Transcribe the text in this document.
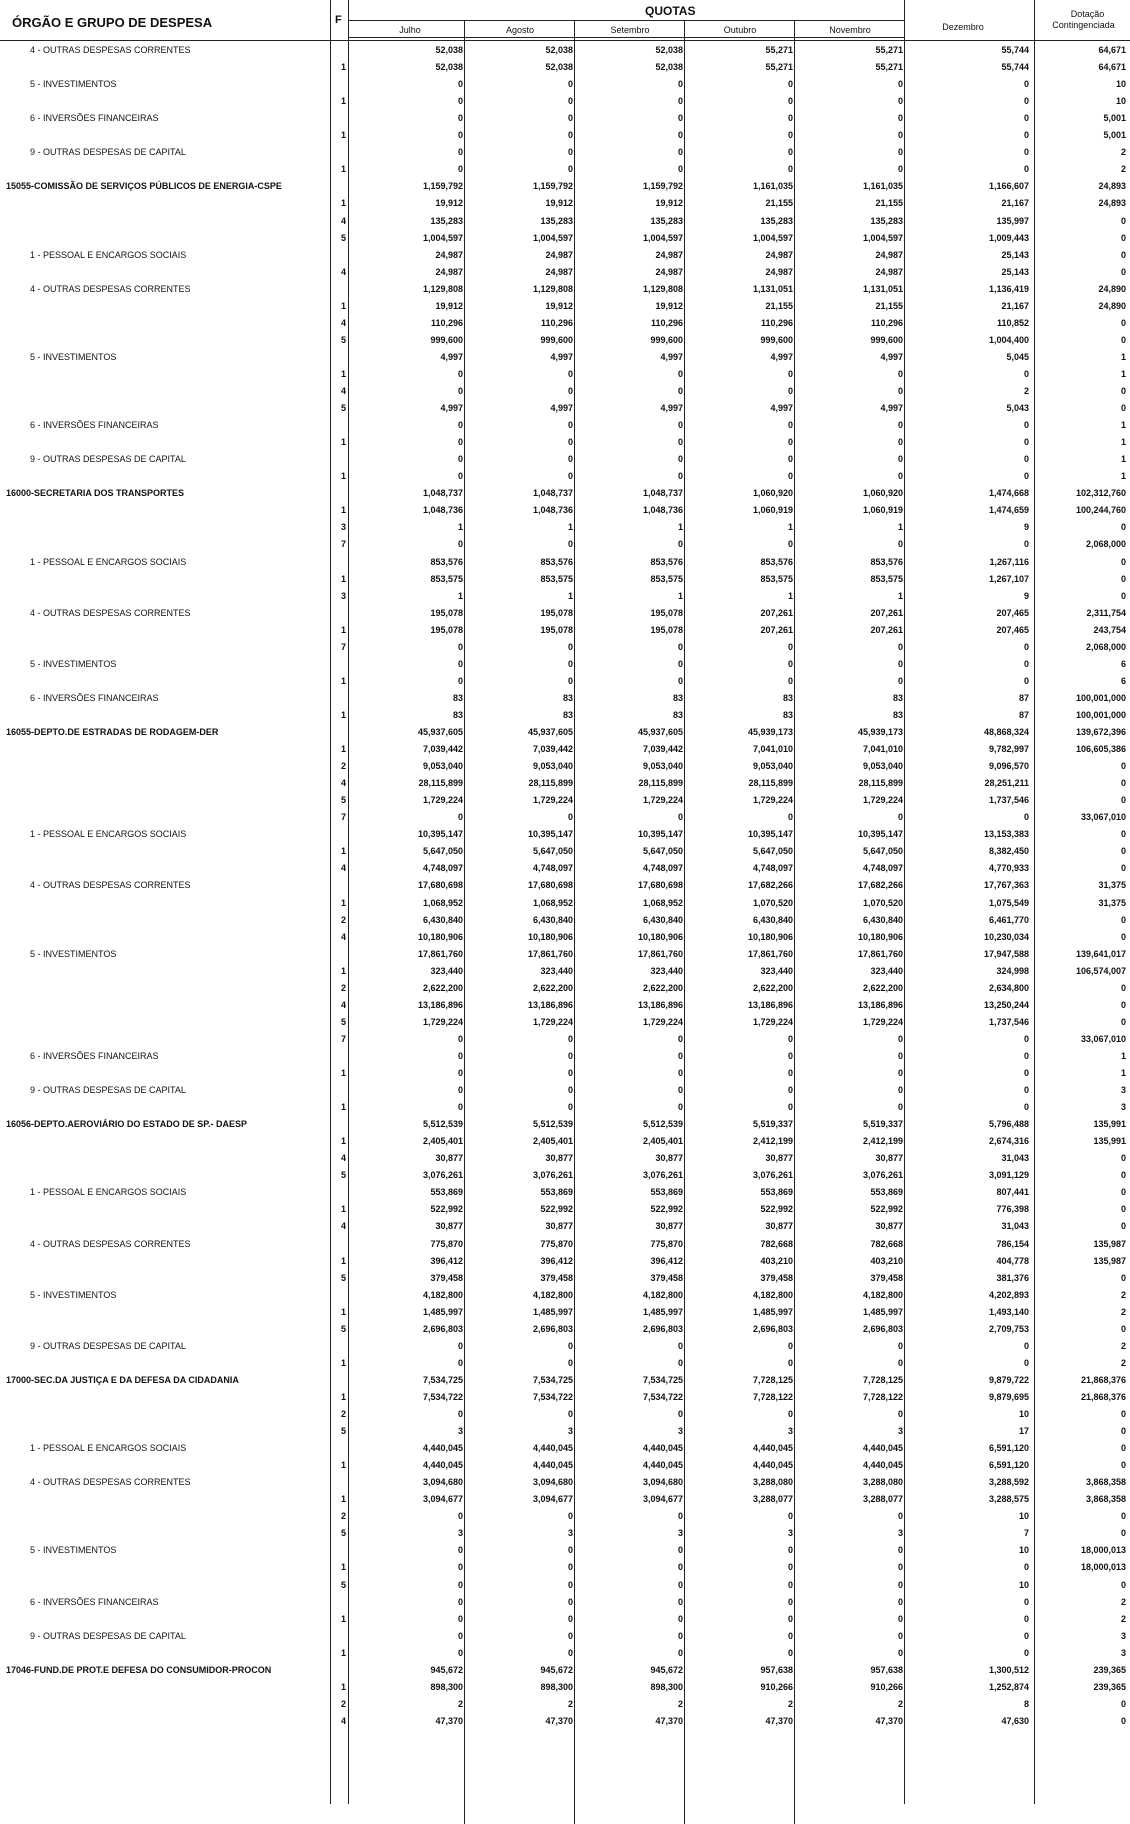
ÓRGÃO E GRUPO DE DESPESA	F
QUOTAS
Julho	Agosto	Setembro	Outubro	Novembro	Dezembro
Dotação
Contingenciada
4 - OUTRAS DESPESAS CORRENTES	52,038	52,038	52,038	55,271	55,271	55,744	64,671
1	52,038	52,038	52,038	55,271	55,271	55,744	64,671
5 - INVESTIMENTOS	0	0	0	0	0	0	10
1	0	0	0	0	0	0	10
6 - INVERSÕES FINANCEIRAS	0	0	0	0	0	0	5,001
1	0	0	0	0	0	0	5,001
9 - OUTRAS DESPESAS DE CAPITAL	0	0	0	0	0	0	2
1	0	0	0	0	0	0	2
15055-COMISSÃO DE SERVIÇOS PÚBLICOS DE ENERGIA-CSPE	1,159,792	1,159,792	1,159,792	1,161,035	1,161,035	1,166,607	24,893
1	19,912	19,912	19,912	21,155	21,155	21,167	24,893
4	135,283	135,283	135,283	135,283	135,283	135,997	0
5	1,004,597	1,004,597	1,004,597	1,004,597	1,004,597	1,009,443	0
1 - PESSOAL E ENCARGOS SOCIAIS	24,987	24,987	24,987	24,987	24,987	25,143	0
4	24,987	24,987	24,987	24,987	24,987	25,143	0
4 - OUTRAS DESPESAS CORRENTES	1,129,808	1,129,808	1,129,808	1,131,051	1,131,051	1,136,419	24,890
1	19,912	19,912	19,912	21,155	21,155	21,167	24,890
4	110,296	110,296	110,296	110,296	110,296	110,852	0
5	999,600	999,600	999,600	999,600	999,600	1,004,400	0
5 - INVESTIMENTOS	4,997	4,997	4,997	4,997	4,997	5,045	1
1	0	0	0	0	0	0	1
4	0	0	0	0	0	2	0
5	4,997	4,997	4,997	4,997	4,997	5,043	0
6 - INVERSÕES FINANCEIRAS	0	0	0	0	0	0	1
1	0	0	0	0	0	0	1
9 - OUTRAS DESPESAS DE CAPITAL	0	0	0	0	0	0	1
1	0	0	0	0	0	0	1
16000-SECRETARIA DOS TRANSPORTES	1,048,737	1,048,737	1,048,737	1,060,920	1,060,920	1,474,668	102,312,760
1	1,048,736	1,048,736	1,048,736	1,060,919	1,060,919	1,474,659	100,244,760
3	1	1	1	1	1	9	0
7	0	0	0	0	0	0	2,068,000
1 - PESSOAL E ENCARGOS SOCIAIS	853,576	853,576	853,576	853,576	853,576	1,267,116	0
1	853,575	853,575	853,575	853,575	853,575	1,267,107	0
3	1	1	1	1	1	9	0
4 - OUTRAS DESPESAS CORRENTES	195,078	195,078	195,078	207,261	207,261	207,465	2,311,754
1	195,078	195,078	195,078	207,261	207,261	207,465	243,754
7	0	0	0	0	0	0	2,068,000
5 - INVESTIMENTOS	0	0	0	0	0	0	6
1	0	0	0	0	0	0	6
6 - INVERSÕES FINANCEIRAS	83	83	83	83	83	87	100,001,000
1	83	83	83	83	83	87	100,001,000
16055-DEPTO.DE ESTRADAS DE RODAGEM-DER	45,937,605	45,937,605	45,937,605	45,939,173	45,939,173	48,868,324	139,672,396
1	7,039,442	7,039,442	7,039,442	7,041,010	7,041,010	9,782,997	106,605,386
2	9,053,040	9,053,040	9,053,040	9,053,040	9,053,040	9,096,570	0
4	28,115,899	28,115,899	28,115,899	28,115,899	28,115,899	28,251,211	0
5	1,729,224	1,729,224	1,729,224	1,729,224	1,729,224	1,737,546	0
7	0	0	0	0	0	0	33,067,010
1 - PESSOAL E ENCARGOS SOCIAIS	10,395,147	10,395,147	10,395,147	10,395,147	10,395,147	13,153,383	0
1	5,647,050	5,647,050	5,647,050	5,647,050	5,647,050	8,382,450	0
4	4,748,097	4,748,097	4,748,097	4,748,097	4,748,097	4,770,933	0
4 - OUTRAS DESPESAS CORRENTES	17,680,698	17,680,698	17,680,698	17,682,266	17,682,266	17,767,363	31,375
1	1,068,952	1,068,952	1,068,952	1,070,520	1,070,520	1,075,549	31,375
2	6,430,840	6,430,840	6,430,840	6,430,840	6,430,840	6,461,770	0
4	10,180,906	10,180,906	10,180,906	10,180,906	10,180,906	10,230,034	0
5 - INVESTIMENTOS	17,861,760	17,861,760	17,861,760	17,861,760	17,861,760	17,947,588	139,641,017
1	323,440	323,440	323,440	323,440	323,440	324,998	106,574,007
2	2,622,200	2,622,200	2,622,200	2,622,200	2,622,200	2,634,800	0
4	13,186,896	13,186,896	13,186,896	13,186,896	13,186,896	13,250,244	0
5	1,729,224	1,729,224	1,729,224	1,729,224	1,729,224	1,737,546	0
7	0	0	0	0	0	0	33,067,010
6 - INVERSÕES FINANCEIRAS	0	0	0	0	0	0	1
1	0	0	0	0	0	0	1
9 - OUTRAS DESPESAS DE CAPITAL	0	0	0	0	0	0	3
1	0	0	0	0	0	0	3
16056-DEPTO.AEROVIÁRIO DO ESTADO DE SP.- DAESP	5,512,539	5,512,539	5,512,539	5,519,337	5,519,337	5,796,488	135,991
1	2,405,401	2,405,401	2,405,401	2,412,199	2,412,199	2,674,316	135,991
4	30,877	30,877	30,877	30,877	30,877	31,043	0
5	3,076,261	3,076,261	3,076,261	3,076,261	3,076,261	3,091,129	0
1 - PESSOAL E ENCARGOS SOCIAIS	553,869	553,869	553,869	553,869	553,869	807,441	0
1	522,992	522,992	522,992	522,992	522,992	776,398	0
4	30,877	30,877	30,877	30,877	30,877	31,043	0
4 - OUTRAS DESPESAS CORRENTES	775,870	775,870	775,870	782,668	782,668	786,154	135,987
1	396,412	396,412	396,412	403,210	403,210	404,778	135,987
5	379,458	379,458	379,458	379,458	379,458	381,376	0
5 - INVESTIMENTOS	4,182,800	4,182,800	4,182,800	4,182,800	4,182,800	4,202,893	2
1	1,485,997	1,485,997	1,485,997	1,485,997	1,485,997	1,493,140	2
5	2,696,803	2,696,803	2,696,803	2,696,803	2,696,803	2,709,753	0
9 - OUTRAS DESPESAS DE CAPITAL	0	0	0	0	0	0	2
1	0	0	0	0	0	0	2
17000-SEC.DA JUSTIÇA E DA DEFESA DA CIDADANIA	7,534,725	7,534,725	7,534,725	7,728,125	7,728,125	9,879,722	21,868,376
1	7,534,722	7,534,722	7,534,722	7,728,122	7,728,122	9,879,695	21,868,376
2	0	0	0	0	0	10	0
5	3	3	3	3	3	17	0
1 - PESSOAL E ENCARGOS SOCIAIS	4,440,045	4,440,045	4,440,045	4,440,045	4,440,045	6,591,120	0
1	4,440,045	4,440,045	4,440,045	4,440,045	4,440,045	6,591,120	0
4 - OUTRAS DESPESAS CORRENTES	3,094,680	3,094,680	3,094,680	3,288,080	3,288,080	3,288,592	3,868,358
1	3,094,677	3,094,677	3,094,677	3,288,077	3,288,077	3,288,575	3,868,358
2	0	0	0	0	0	10	0
5	3	3	3	3	3	7	0
5 - INVESTIMENTOS	0	0	0	0	0	10	18,000,013
1	0	0	0	0	0	0	18,000,013
5	0	0	0	0	0	10	0
6 - INVERSÕES FINANCEIRAS	0	0	0	0	0	0	2
1	0	0	0	0	0	0	2
9 - OUTRAS DESPESAS DE CAPITAL	0	0	0	0	0	0	3
1	0	0	0	0	0	0	3
17046-FUND.DE PROT.E DEFESA DO CONSUMIDOR-PROCON	945,672	945,672	945,672	957,638	957,638	1,300,512	239,365
1	898,300	898,300	898,300	910,266	910,266	1,252,874	239,365
2	2	2	2	2	2	8	0
4	47,370	47,370	47,370	47,370	47,370	47,630	0
